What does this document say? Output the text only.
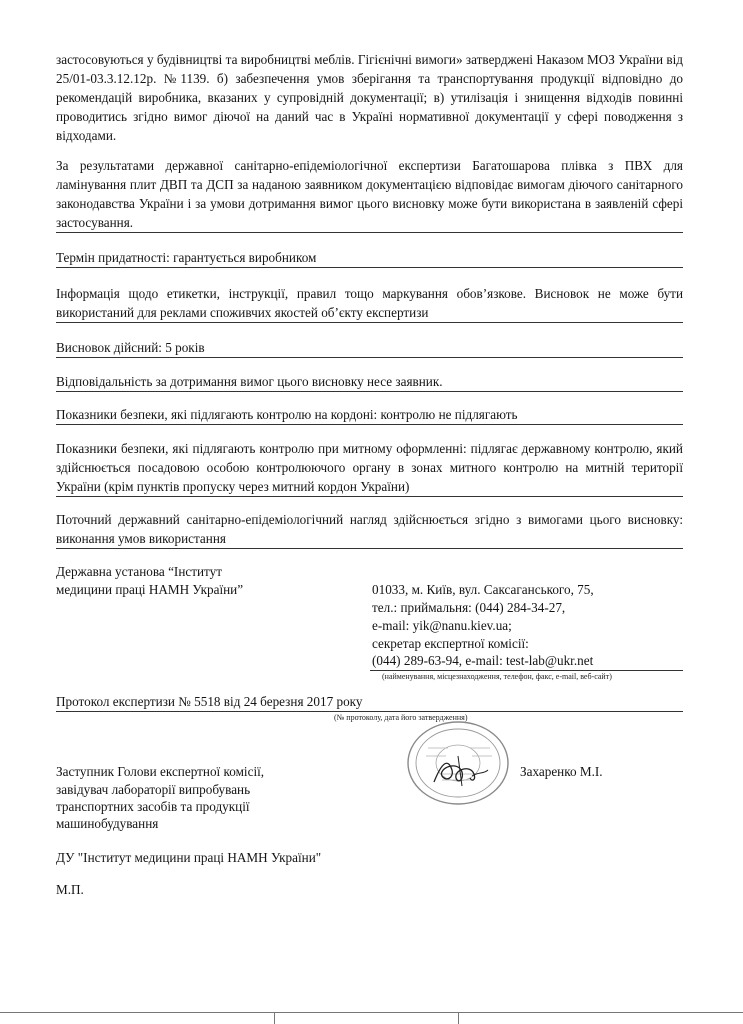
застосовуються у будівництві та виробництві меблів. Гігієнічні вимоги» затверджені Наказом МОЗ України від 25/01-03.3.12.12р. №1139. б) забезпечення умов зберігання та транспортування продукції відповідно до рекомендацій виробника, вказаних у супровідній документації; в) утилізація і знищення відходів повинні проводитись згідно вимог діючої на даний час в Україні нормативної документації у сфері поводження з відходами.
За результатами державної санітарно-епідеміологічної експертизи Багатошарова плівка з ПВХ для ламінування плит ДВП та ДСП за наданою заявником документацією відповідає вимогам діючого санітарного законодавства України і за умови дотримання вимог цього висновку може бути використана в заявленій сфері застосування.
Термін придатності: гарантується виробником
Інформація щодо етикетки, інструкції, правил тощо маркування обов’язкове. Висновок не може бути використаний для реклами споживчих якостей об’єкту експертизи
Висновок дійсний: 5 років
Відповідальність за дотримання вимог цього висновку несе заявник.
Показники безпеки, які підлягають контролю на кордоні: контролю не підлягають
Показники безпеки, які підлягають контролю при митному оформленні: підлягає державному контролю, який здійснюється посадовою особою контролюючого органу в зонах митного контролю на митній території України (крім пунктів пропуску через митний кордон України)
Поточний державний санітарно-епідеміологічний нагляд здійснюється згідно з вимогами цього висновку: виконання умов використання
Державна установа “Інститут
медицини праці НАМН України”	01033, м. Київ, вул. Саксаганського, 75,
тел.: приймальня: (044) 284-34-27,
e-mail: yik@nanu.kiev.ua;
секретар експертної комісії:
(044) 289-63-94, e-mail: test-lab@ukr.net
(найменування, місцезнаходження, телефон, факс, e-mail, веб-сайт)
Протокол експертизи № 5518 від 24 березня 2017 року
(№ протоколу, дата його затвердження)
Заступник Голови експертної комісії,
завідувач лабораторії випробувань
транспортних засобів та продукції
машинобудування
Захаренко М.І.
ДУ "Інститут медицини праці НАМН України"
М.П.
